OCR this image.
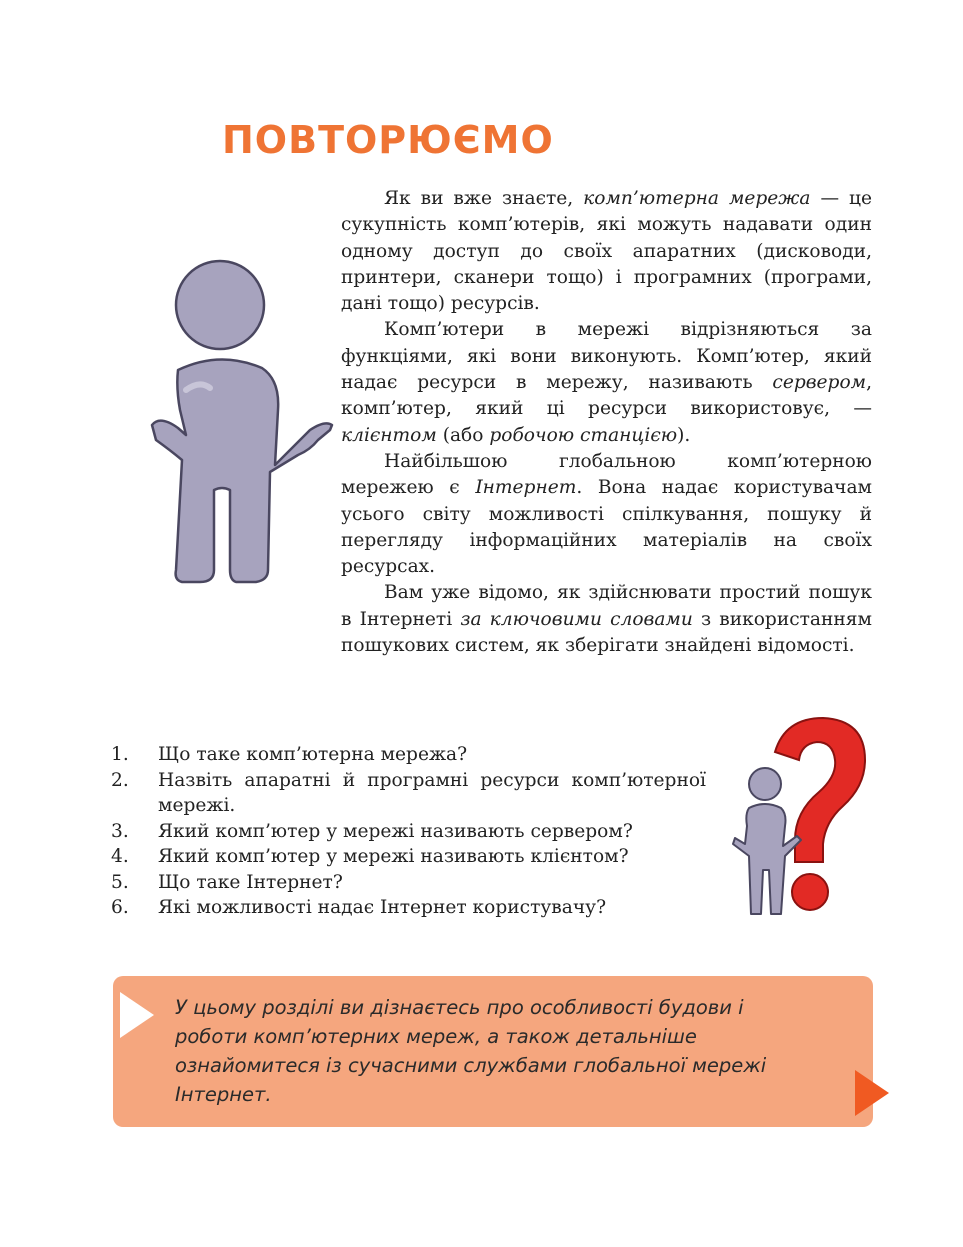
ПОВТОРЮЄМО

Як ви вже знаєте, комп’ютерна мережа — це сукупність комп’ютерів, які можуть надавати один одному доступ до своїх апаратних (дисководи, принтери, сканери тощо) і програмних (програми, дані тощо) ресурсів.

Комп’ютери в мережі відрізняються за функціями, які вони виконують. Комп’ютер, який надає ресурси в мережу, називають сервером, комп’ютер, який ці ресурси використовує, — клієнтом (або робочою станцією).

Найбільшою глобальною комп’ютерною мережею є Інтернет. Вона надає користувачам усього світу можливості спілкування, пошуку й перегляду інформаційних матеріалів на своїх ресурсах.

Вам уже відомо, як здійснювати простий пошук в Інтернеті за ключовими словами з використанням пошукових систем, як зберігати знайдені відомості.

1.	Що таке комп’ютерна мережа?
2.	Назвіть апаратні й програмні ресурси комп’ютерної мережі.
3.	Який комп’ютер у мережі називають сервером?
4.	Який комп’ютер у мережі називають клієнтом?
5.	Що таке Інтернет?
6.	Які можливості надає Інтернет користувачу?
У цьому розділі ви дізнаєтесь про особливості будови і роботи комп’ютерних мереж, а також детальніше ознайомитеся із сучасними службами глобальної мережі Інтернет.
